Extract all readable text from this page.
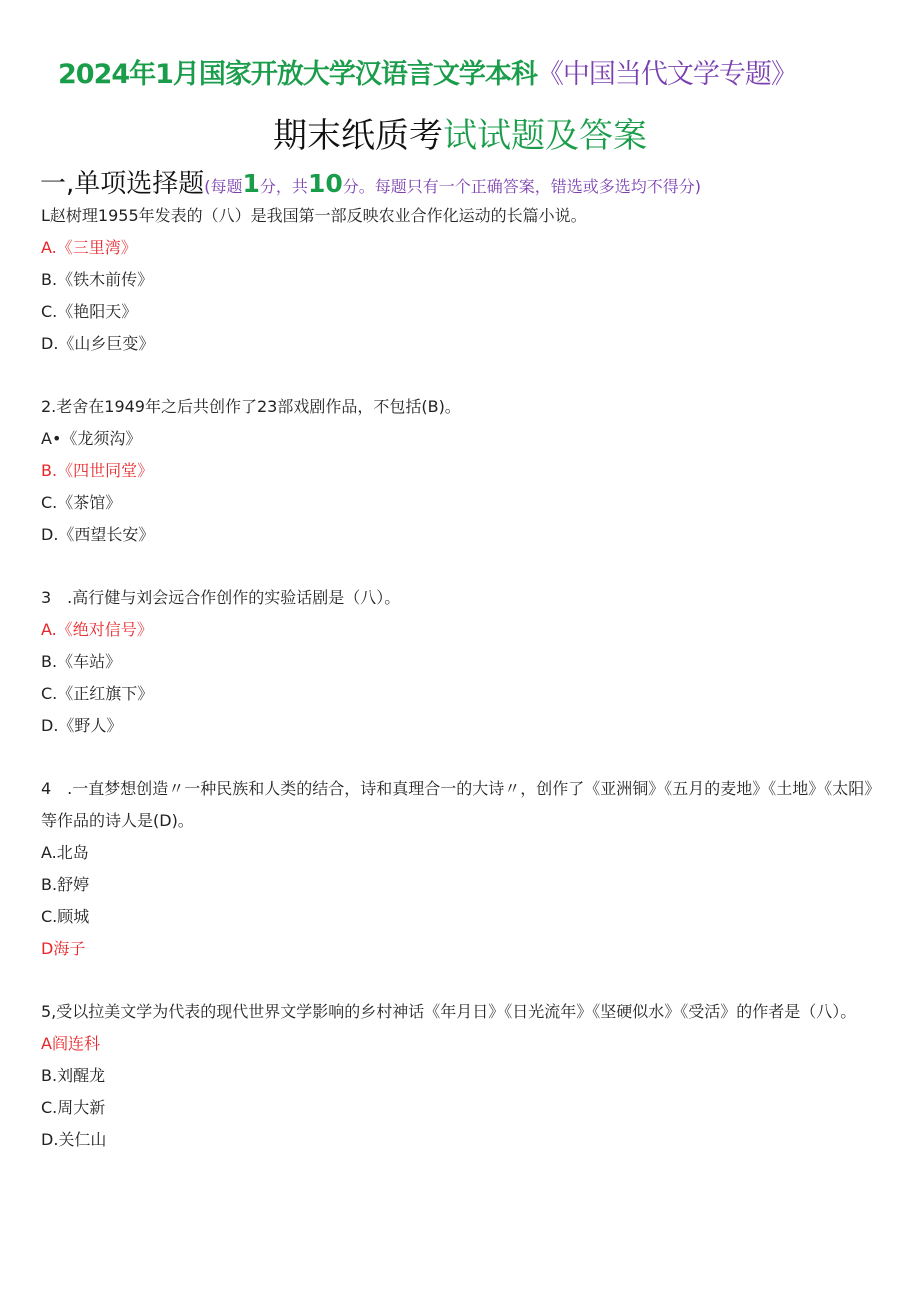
2024年1月国家开放大学汉语言文学本科《中国当代文学专题》
期末纸质考试试题及答案
一,单项选择题(每题1分，共10分。每题只有一个正确答案，错选或多选均不得分)
L赵树理1955年发表的（八）是我国第一部反映农业合作化运动的长篇小说。
A.《三里湾》
B.《铁木前传》
C.《艳阳天》
D.《山乡巨变》
2.老舍在1949年之后共创作了23部戏剧作品，不包括(B)。
A•《龙须沟》
B.《四世同堂》
C.《茶馆》
D.《西望长安》
3　.高行健与刘会远合作创作的实验话剧是（八）。
A.《绝对信号》
B.《车站》
C.《正红旗下》
D.《野人》
4　.一直梦想创造〃一种民族和人类的结合，诗和真理合一的大诗〃，创作了《亚洲铜》《五月的麦地》《土地》《太阳》等作品的诗人是(D)。
A.北岛
B.舒婷
C.顾城
D海子
5,受以拉美文学为代表的现代世界文学影响的乡村神话《年月日》《日光流年》《坚硬似水》《受活》的作者是（八）。
A阎连科
B.刘醒龙
C.周大新
D.关仁山
